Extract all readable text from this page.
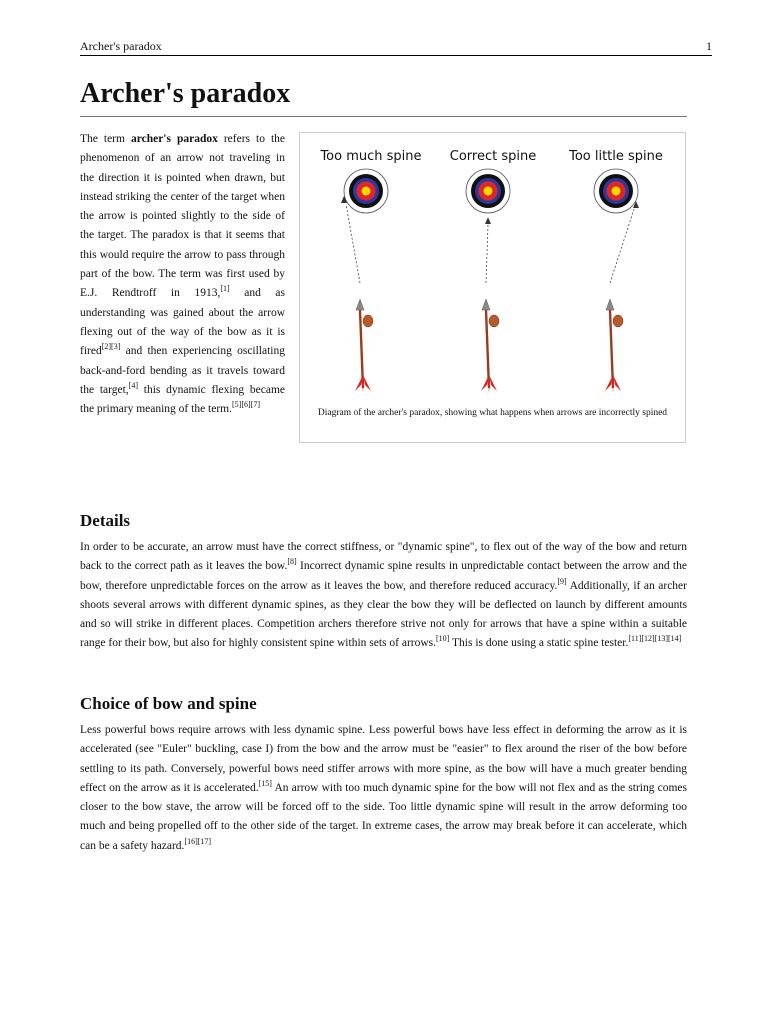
Archer's paradox	1
Archer's paradox

The term archer's paradox refers to the phenomenon of an arrow not traveling in the direction it is pointed when drawn, but instead striking the center of the target when the arrow is pointed slightly to the side of the target. The paradox is that it seems that this would require the arrow to pass through part of the bow. The term was first used by E.J. Rendtroff in 1913,[1] and as understanding was gained about the arrow flexing out of the way of the bow as it is fired[2][3] and then experiencing oscillating back-and-ford bending as it travels toward the target,[4] this dynamic flexing became the primary meaning of the term.[5][6][7]

Too much spine Correct spine	Too little spine

Diagram of the archer's paradox, showing what happens when arrows are incorrectly spined

Details

In order to be accurate, an arrow must have the correct stiffness, or "dynamic spine", to flex out of the way of the bow and return back to the correct path as it leaves the bow.[8] Incorrect dynamic spine results in unpredictable contact between the arrow and the bow, therefore unpredictable forces on the arrow as it leaves the bow, and therefore reduced accuracy.[9] Additionally, if an archer shoots several arrows with different dynamic spines, as they clear the bow they will be deflected on launch by different amounts and so will strike in different places. Competition archers therefore strive not only for arrows that have a spine within a suitable range for their bow, but also for highly consistent spine within sets of arrows.[10] This is done using a static spine tester.[11][12][13][14]

Choice of bow and spine

Less powerful bows require arrows with less dynamic spine. Less powerful bows have less effect in deforming the arrow as it is accelerated (see "Euler" buckling, case I) from the bow and the arrow must be "easier" to flex around the riser of the bow before settling to its path. Conversely, powerful bows need stiffer arrows with more spine, as the bow will have a much greater bending effect on the arrow as it is accelerated.[15] An arrow with too much dynamic spine for the bow will not flex and as the string comes closer to the bow stave, the arrow will be forced off to the side. Too little dynamic spine will result in the arrow deforming too much and being propelled off to the other side of the target. In extreme cases, the arrow may break before it can accelerate, which can be a safety hazard.[16][17]
